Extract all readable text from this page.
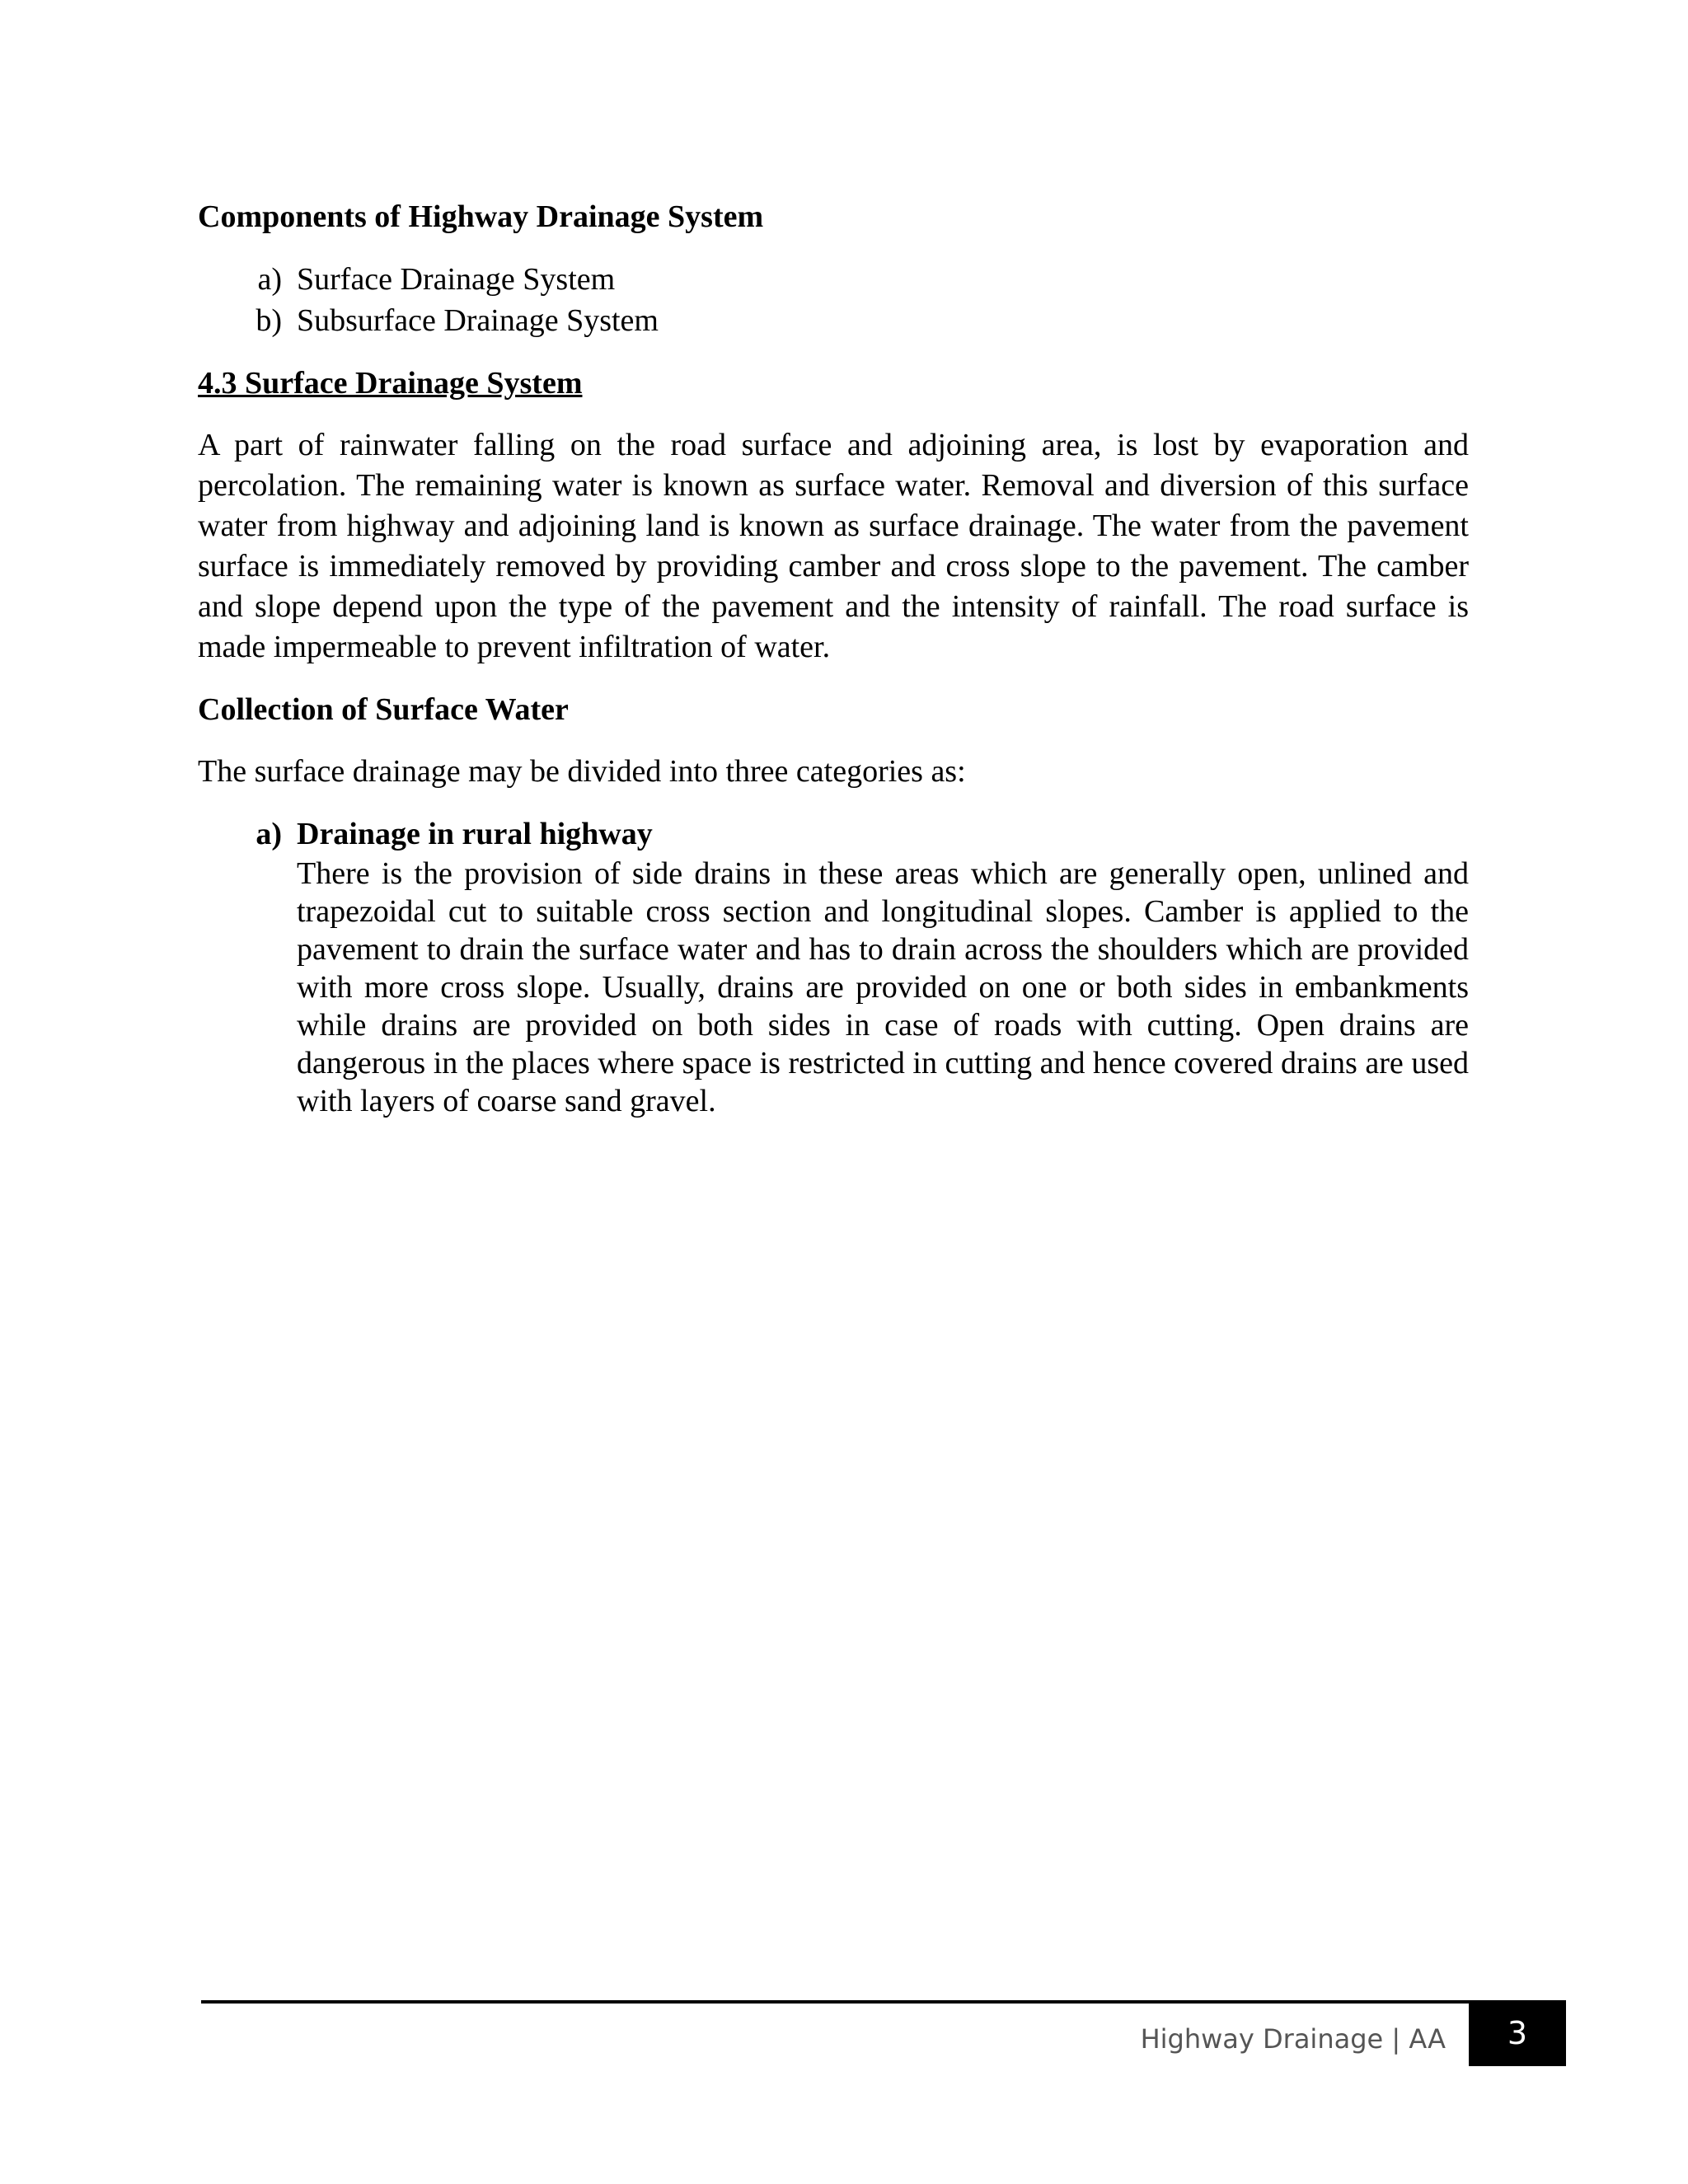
Components of Highway Drainage System

a) Surface Drainage System
b) Subsurface Drainage System

4.3 Surface Drainage System

A part of rainwater falling on the road surface and adjoining area, is lost by evaporation and percolation. The remaining water is known as surface water. Removal and diversion of this surface water from highway and adjoining land is known as surface drainage. The water from the pavement surface is immediately removed by providing camber and cross slope to the pavement. The camber and slope depend upon the type of the pavement and the intensity of rainfall. The road surface is made impermeable to prevent infiltration of water.

Collection of Surface Water

The surface drainage may be divided into three categories as:

a) Drainage in rural highway

There is the provision of side drains in these areas which are generally open, unlined and trapezoidal cut to suitable cross section and longitudinal slopes. Camber is applied to the pavement to drain the surface water and has to drain across the shoulders which are provided with more cross slope. Usually, drains are provided on one or both sides in embankments while drains are provided on both sides in case of roads with cutting. Open drains are dangerous in the places where space is restricted in cutting and hence covered drains are used with layers of coarse sand gravel.

Highway Drainage | AA 3
